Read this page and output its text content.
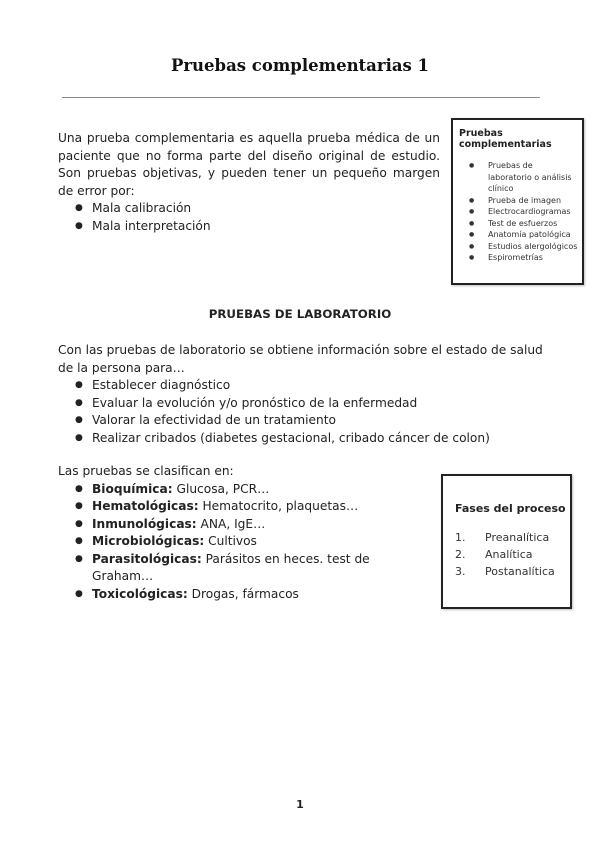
Pruebas complementarias 1
Una prueba complementaria es aquella prueba médica de un paciente que no forma parte del diseño original de estudio. Son pruebas objetivas, y pueden tener un pequeño margen de error por:
● Mala calibración
● Mala interpretación
Pruebas complementarias
● Pruebas de laboratorio o análisis clínico
● Prueba de imagen
● Electrocardiogramas
● Test de esfuerzos
● Anatomía patológica
● Estudios alergológicos
● Espirometrías
PRUEBAS DE LABORATORIO
Con las pruebas de laboratorio se obtiene información sobre el estado de salud de la persona para…
● Establecer diagnóstico
● Evaluar la evolución y/o pronóstico de la enfermedad
● Valorar la efectividad de un tratamiento
● Realizar cribados (diabetes gestacional, cribado cáncer de colon)
Las pruebas se clasifican en:
● Bioquímica: Glucosa, PCR…
● Hematológicas: Hematocrito, plaquetas…
● Inmunológicas: ANA, IgE…
● Microbiológicas: Cultivos
● Parasitológicas: Parásitos en heces. test de Graham…
● Toxicológicas: Drogas, fármacos
Fases del proceso
1. Preanalítica
2. Analítica
3. Postanalítica
1
